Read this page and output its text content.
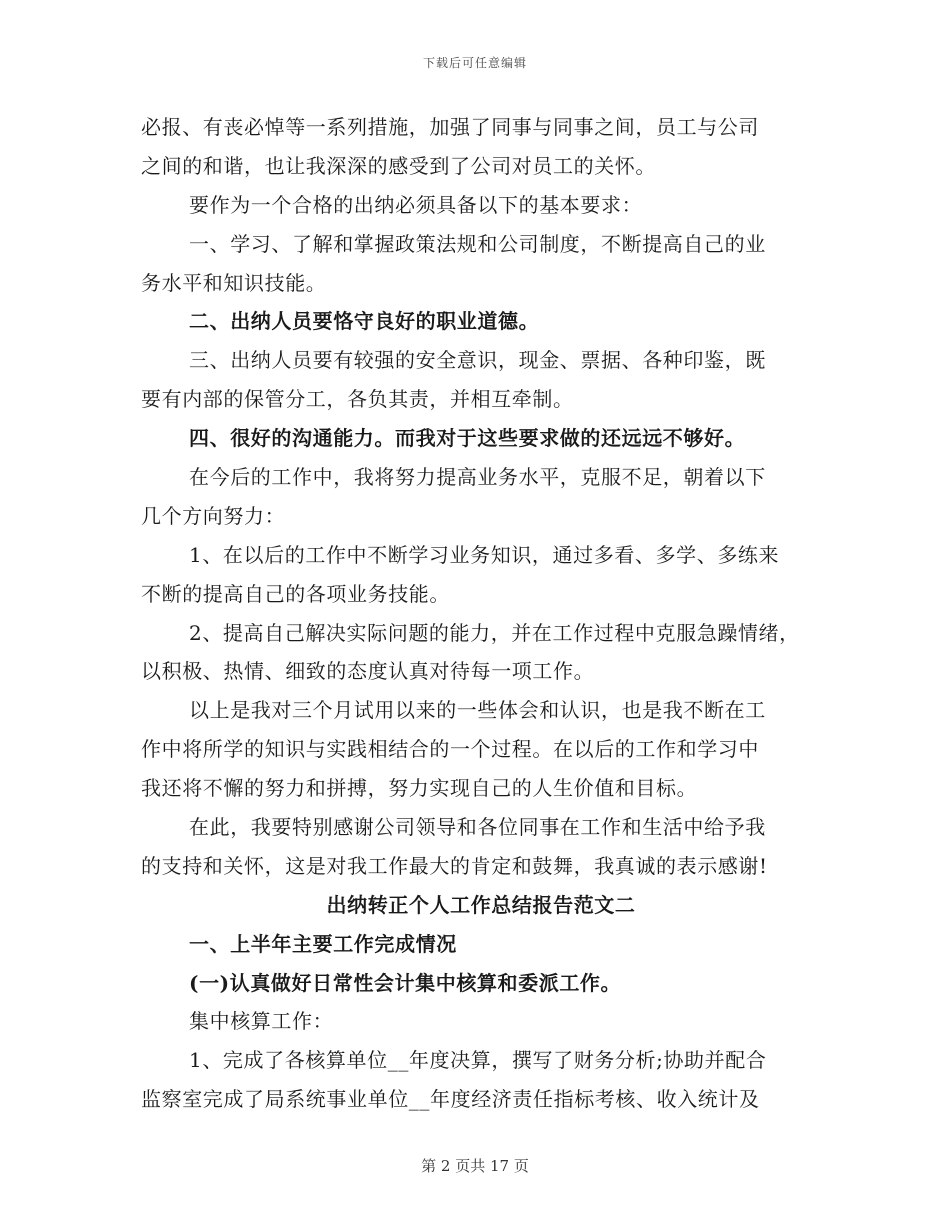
下载后可任意编辑
必报、有丧必悼等一系列措施，加强了同事与同事之间，员工与公司
之间的和谐，也让我深深的感受到了公司对员工的关怀。
要作为一个合格的出纳必须具备以下的基本要求：
一、学习、了解和掌握政策法规和公司制度，不断提高自己的业
务水平和知识技能。
二、出纳人员要恪守良好的职业道德。
三、出纳人员要有较强的安全意识，现金、票据、各种印鉴，既
要有内部的保管分工，各负其责，并相互牵制。
四、很好的沟通能力。而我对于这些要求做的还远远不够好。
在今后的工作中，我将努力提高业务水平，克服不足，朝着以下
几个方向努力：
1、在以后的工作中不断学习业务知识，通过多看、多学、多练来
不断的提高自己的各项业务技能。
2、提高自己解决实际问题的能力，并在工作过程中克服急躁情绪，
以积极、热情、细致的态度认真对待每一项工作。
以上是我对三个月试用以来的一些体会和认识，也是我不断在工
作中将所学的知识与实践相结合的一个过程。在以后的工作和学习中
我还将不懈的努力和拼搏，努力实现自己的人生价值和目标。
在此，我要特别感谢公司领导和各位同事在工作和生活中给予我
的支持和关怀，这是对我工作最大的肯定和鼓舞，我真诚的表示感谢!
出纳转正个人工作总结报告范文二
一、上半年主要工作完成情况
(一)认真做好日常性会计集中核算和委派工作。
集中核算工作：
1、完成了各核算单位__年度决算，撰写了财务分析;协助并配合
监察室完成了局系统事业单位__年度经济责任指标考核、收入统计及
第 2 页共 17 页
